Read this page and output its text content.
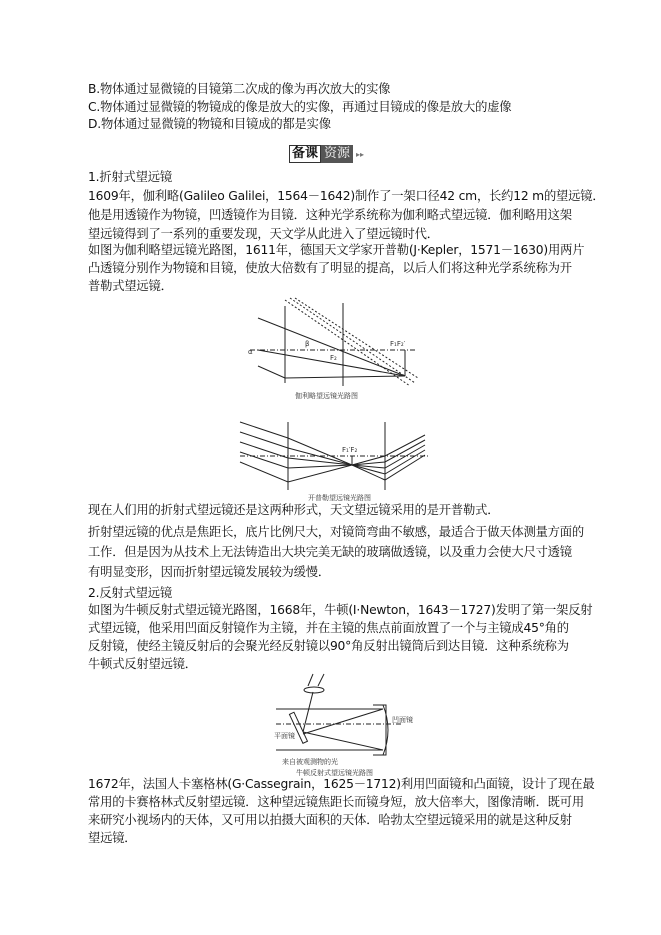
B.物体通过显微镜的目镜第二次成的像为再次放大的实像
C.物体通过显微镜的物镜成的像是放大的实像，再通过目镜成的像是放大的虚像
D.物体通过显微镜的物镜和目镜成的都是实像
备课 资源 ▸▸
1.折射式望远镜
1609年，伽利略(Galileo Galilei，1564－1642)制作了一架口径42 cm，长约12 m的望远镜．
他是用透镜作为物镜，凹透镜作为目镜．这种光学系统称为伽利略式望远镜．伽利略用这架
望远镜得到了一系列的重要发现，天文学从此进入了望远镜时代．
如图为伽利略望远镜光路图，1611年，德国天文学家开普勒(J·Kepler，1571－1630)用两片
凸透镜分别作为物镜和目镜，使放大倍数有了明显的提高，以后人们将这种光学系统称为开
普勒式望远镜．
α
β
F₂
F₁F₂′
伽利略望远镜光路图
F₁′F₂
开普勒望远镜光路图
现在人们用的折射式望远镜还是这两种形式，天文望远镜采用的是开普勒式．
折射望远镜的优点是焦距长，底片比例尺大，对镜筒弯曲不敏感，最适合于做天体测量方面的
工作．但是因为从技术上无法铸造出大块完美无缺的玻璃做透镜，以及重力会使大尺寸透镜
有明显变形，因而折射望远镜发展较为缓慢．
2.反射式望远镜
如图为牛顿反射式望远镜光路图，1668年，牛顿(I·Newton，1643－1727)发明了第一架反射
式望远镜，他采用凹面反射镜作为主镜，并在主镜的焦点前面放置了一个与主镜成45°角的
反射镜，使经主镜反射后的会聚光经反射镜以90°角反射出镜筒后到达目镜．这种系统称为
牛顿式反射望远镜．
平面镜
凹面镜
来自被观测物的光
牛顿反射式望远镜光路图
1672年，法国人卡塞格林(G·Cassegrain，1625－1712)利用凹面镜和凸面镜，设计了现在最
常用的卡赛格林式反射望远镜．这种望远镜焦距长而镜身短，放大倍率大，图像清晰．既可用
来研究小视场内的天体，又可用以拍摄大面积的天体．哈勃太空望远镜采用的就是这种反射
望远镜．
